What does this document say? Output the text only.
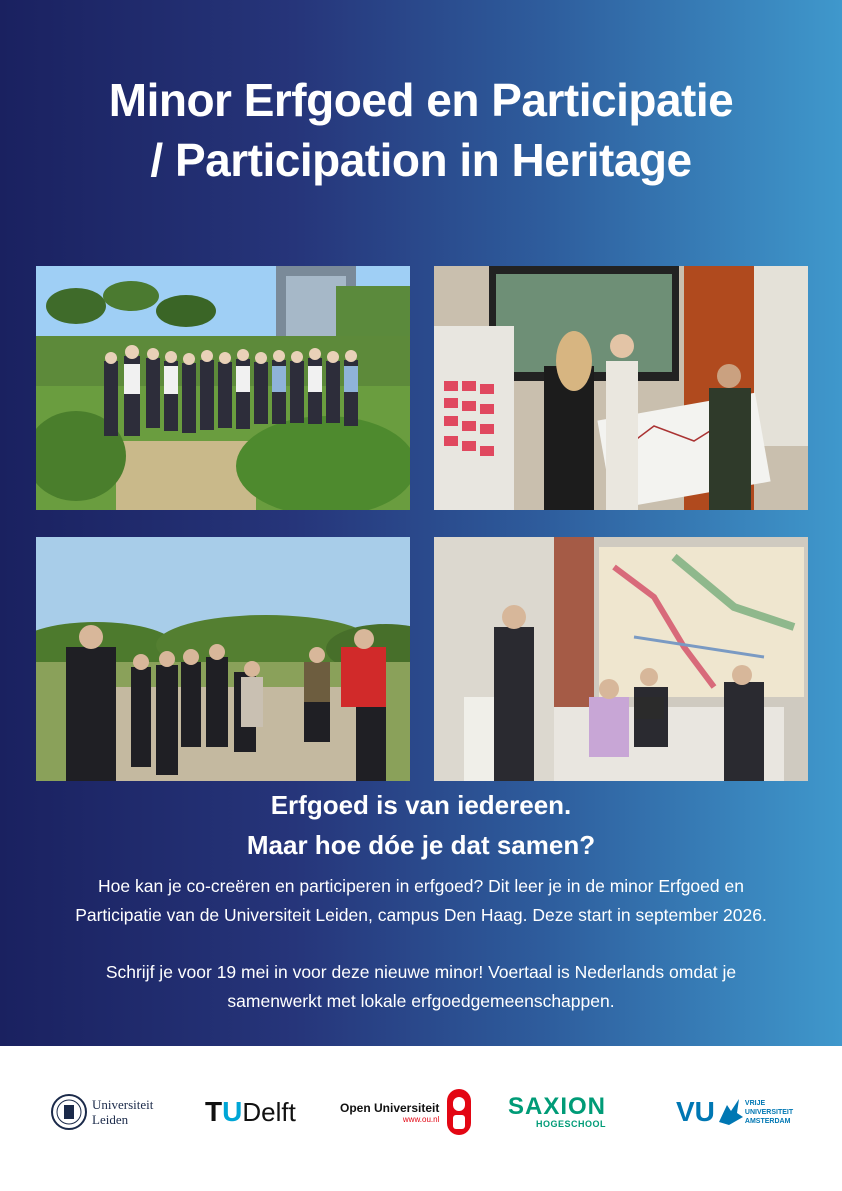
Minor Erfgoed en Participatie
/ Participation in Heritage
Erfgoed is van iedereen.
Maar hoe dóe je dat samen?
Hoe kan je co-creëren en participeren in erfgoed? Dit leer je in de minor Erfgoed en
Participatie van de Universiteit Leiden, campus Den Haag. Deze start in september 2026.
Schrijf je voor 19 mei in voor deze nieuwe minor! Voertaal is Nederlands omdat je
samenwerkt met lokale erfgoedgemeenschappen.
Universiteit
Leiden	T U Delft	Open Universiteit
www.ou.nl	SAXION
HOGESCHOOL VU	VRIJE
UNIVERSITEIT
AMSTERDAM
